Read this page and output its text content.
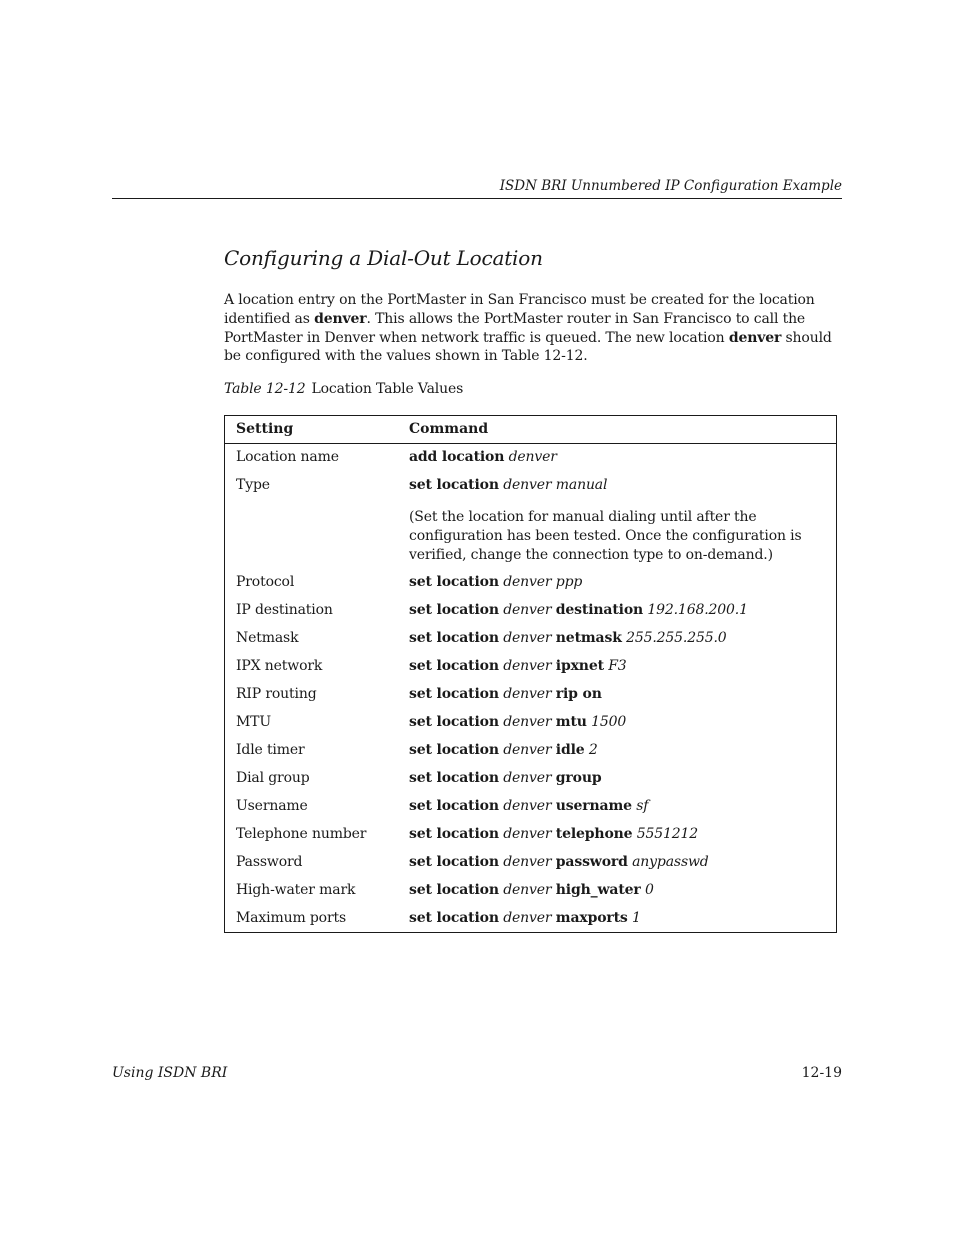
ISDN BRI Unnumbered IP Configuration Example
Configuring a Dial-Out Location

A location entry on the PortMaster in San Francisco must be created for the location identified as denver. This allows the PortMaster router in San Francisco to call the PortMaster in Denver when network traffic is queued. The new location denver should be configured with the values shown in Table 12-12.

Table 12-12 Location Table Values

Setting	Command
Location name	add location denver
Type	set location denver manual
(Set the location for manual dialing until after the configuration has been tested. Once the configuration is verified, change the connection type to on-demand.)
Protocol	set location denver ppp
IP destination	set location denver destination 192.168.200.1
Netmask	set location denver netmask 255.255.255.0
IPX network	set location denver ipxnet F3
RIP routing	set location denver rip on
MTU	set location denver mtu 1500
Idle timer	set location denver idle 2
Dial group	set location denver group
Username	set location denver username sf
Telephone number	set location denver telephone 5551212
Password	set location denver password anypasswd
High-water mark	set location denver high_water 0
Maximum ports	set location denver maxports 1
Using ISDN BRI	12-19
